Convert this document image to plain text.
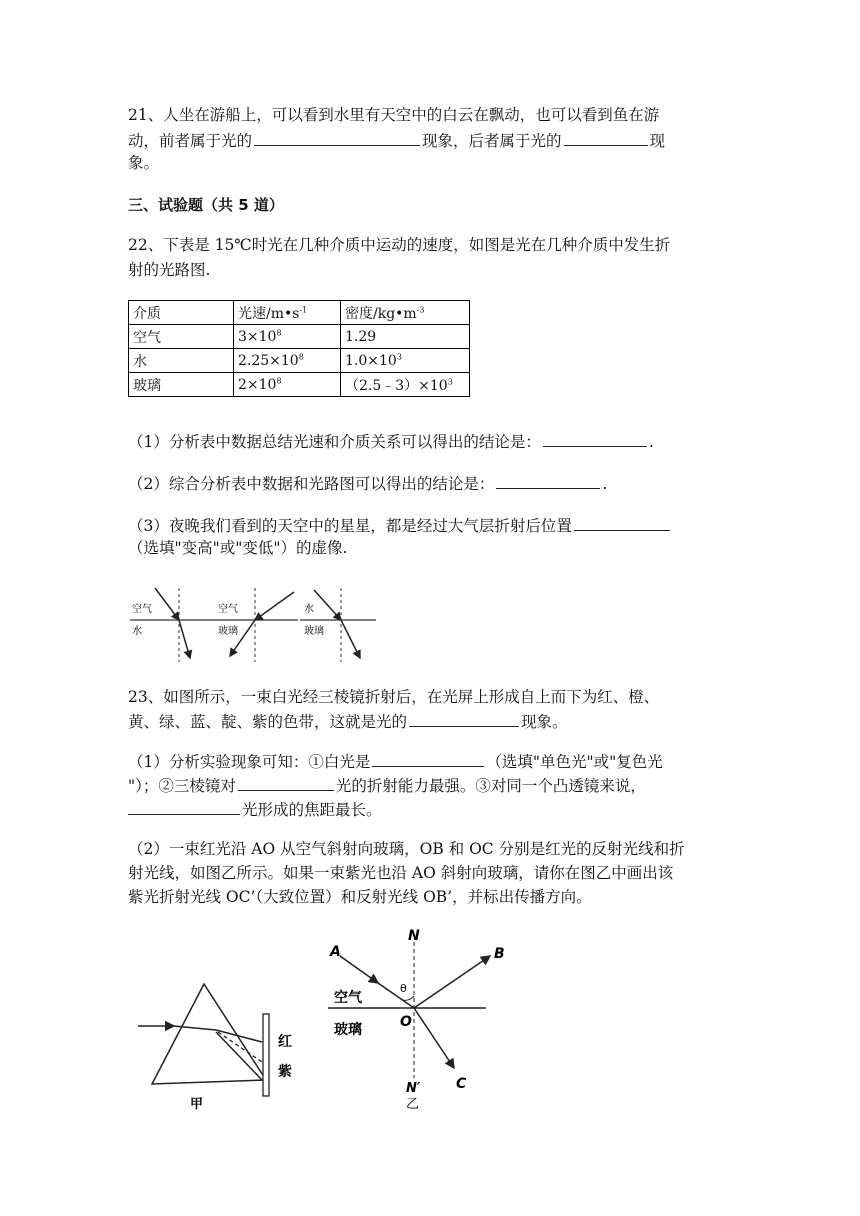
21、人坐在游船上，可以看到水里有天空中的白云在飘动，也可以看到鱼在游
动，前者属于光的	现象，后者属于光的	现
象。
三、试验题（共 5 道）
22、下表是 15℃时光在几种介质中运动的速度，如图是光在几种介质中发生折
射的光路图.
介质	光速$/m•s^{-1}$	密度$/kg•m^{-3}$
空气	$3\times 10^8$	1.29
水	$2.25\times 10^8$	$1.0\times 10^3$
玻璃	$2\times 10^8$	$(2.5﹣3)\times 10^3$
（1）分析表中数据总结光速和介质关系可以得出的结论是：	.
（2）综合分析表中数据和光路图可以得出的结论是：	.
（3）夜晚我们看到的天空中的星星，都是经过大气层折射后位置
（选填"变高"或"变低"）的虚像.
空气
水
空气
玻璃
水
玻璃
23、如图所示，一束白光经三棱镜折射后，在光屏上形成自上而下为红、橙、
黄、绿、蓝、靛、紫的色带，这就是光的	现象。
（1）分析实验现象可知：①白光是	（选填"单色光"或"复色光
"）；②三棱镜对	光的折射能力最强。③对同一个凸透镜来说，
光形成的焦距最长。
（2）一束红光沿 AO 从空气斜射向玻璃，OB 和 OC 分别是红光的反射光线和折
射光线，如图乙所示。如果一束紫光也沿 AO 斜射向玻璃，请你在图乙中画出该
紫光折射光线 OC’（大致位置）和反射光线 OB’，并标出传播方向。
红
紫
甲
A
N
B
θ
空气
玻璃	O
N′	C
乙
